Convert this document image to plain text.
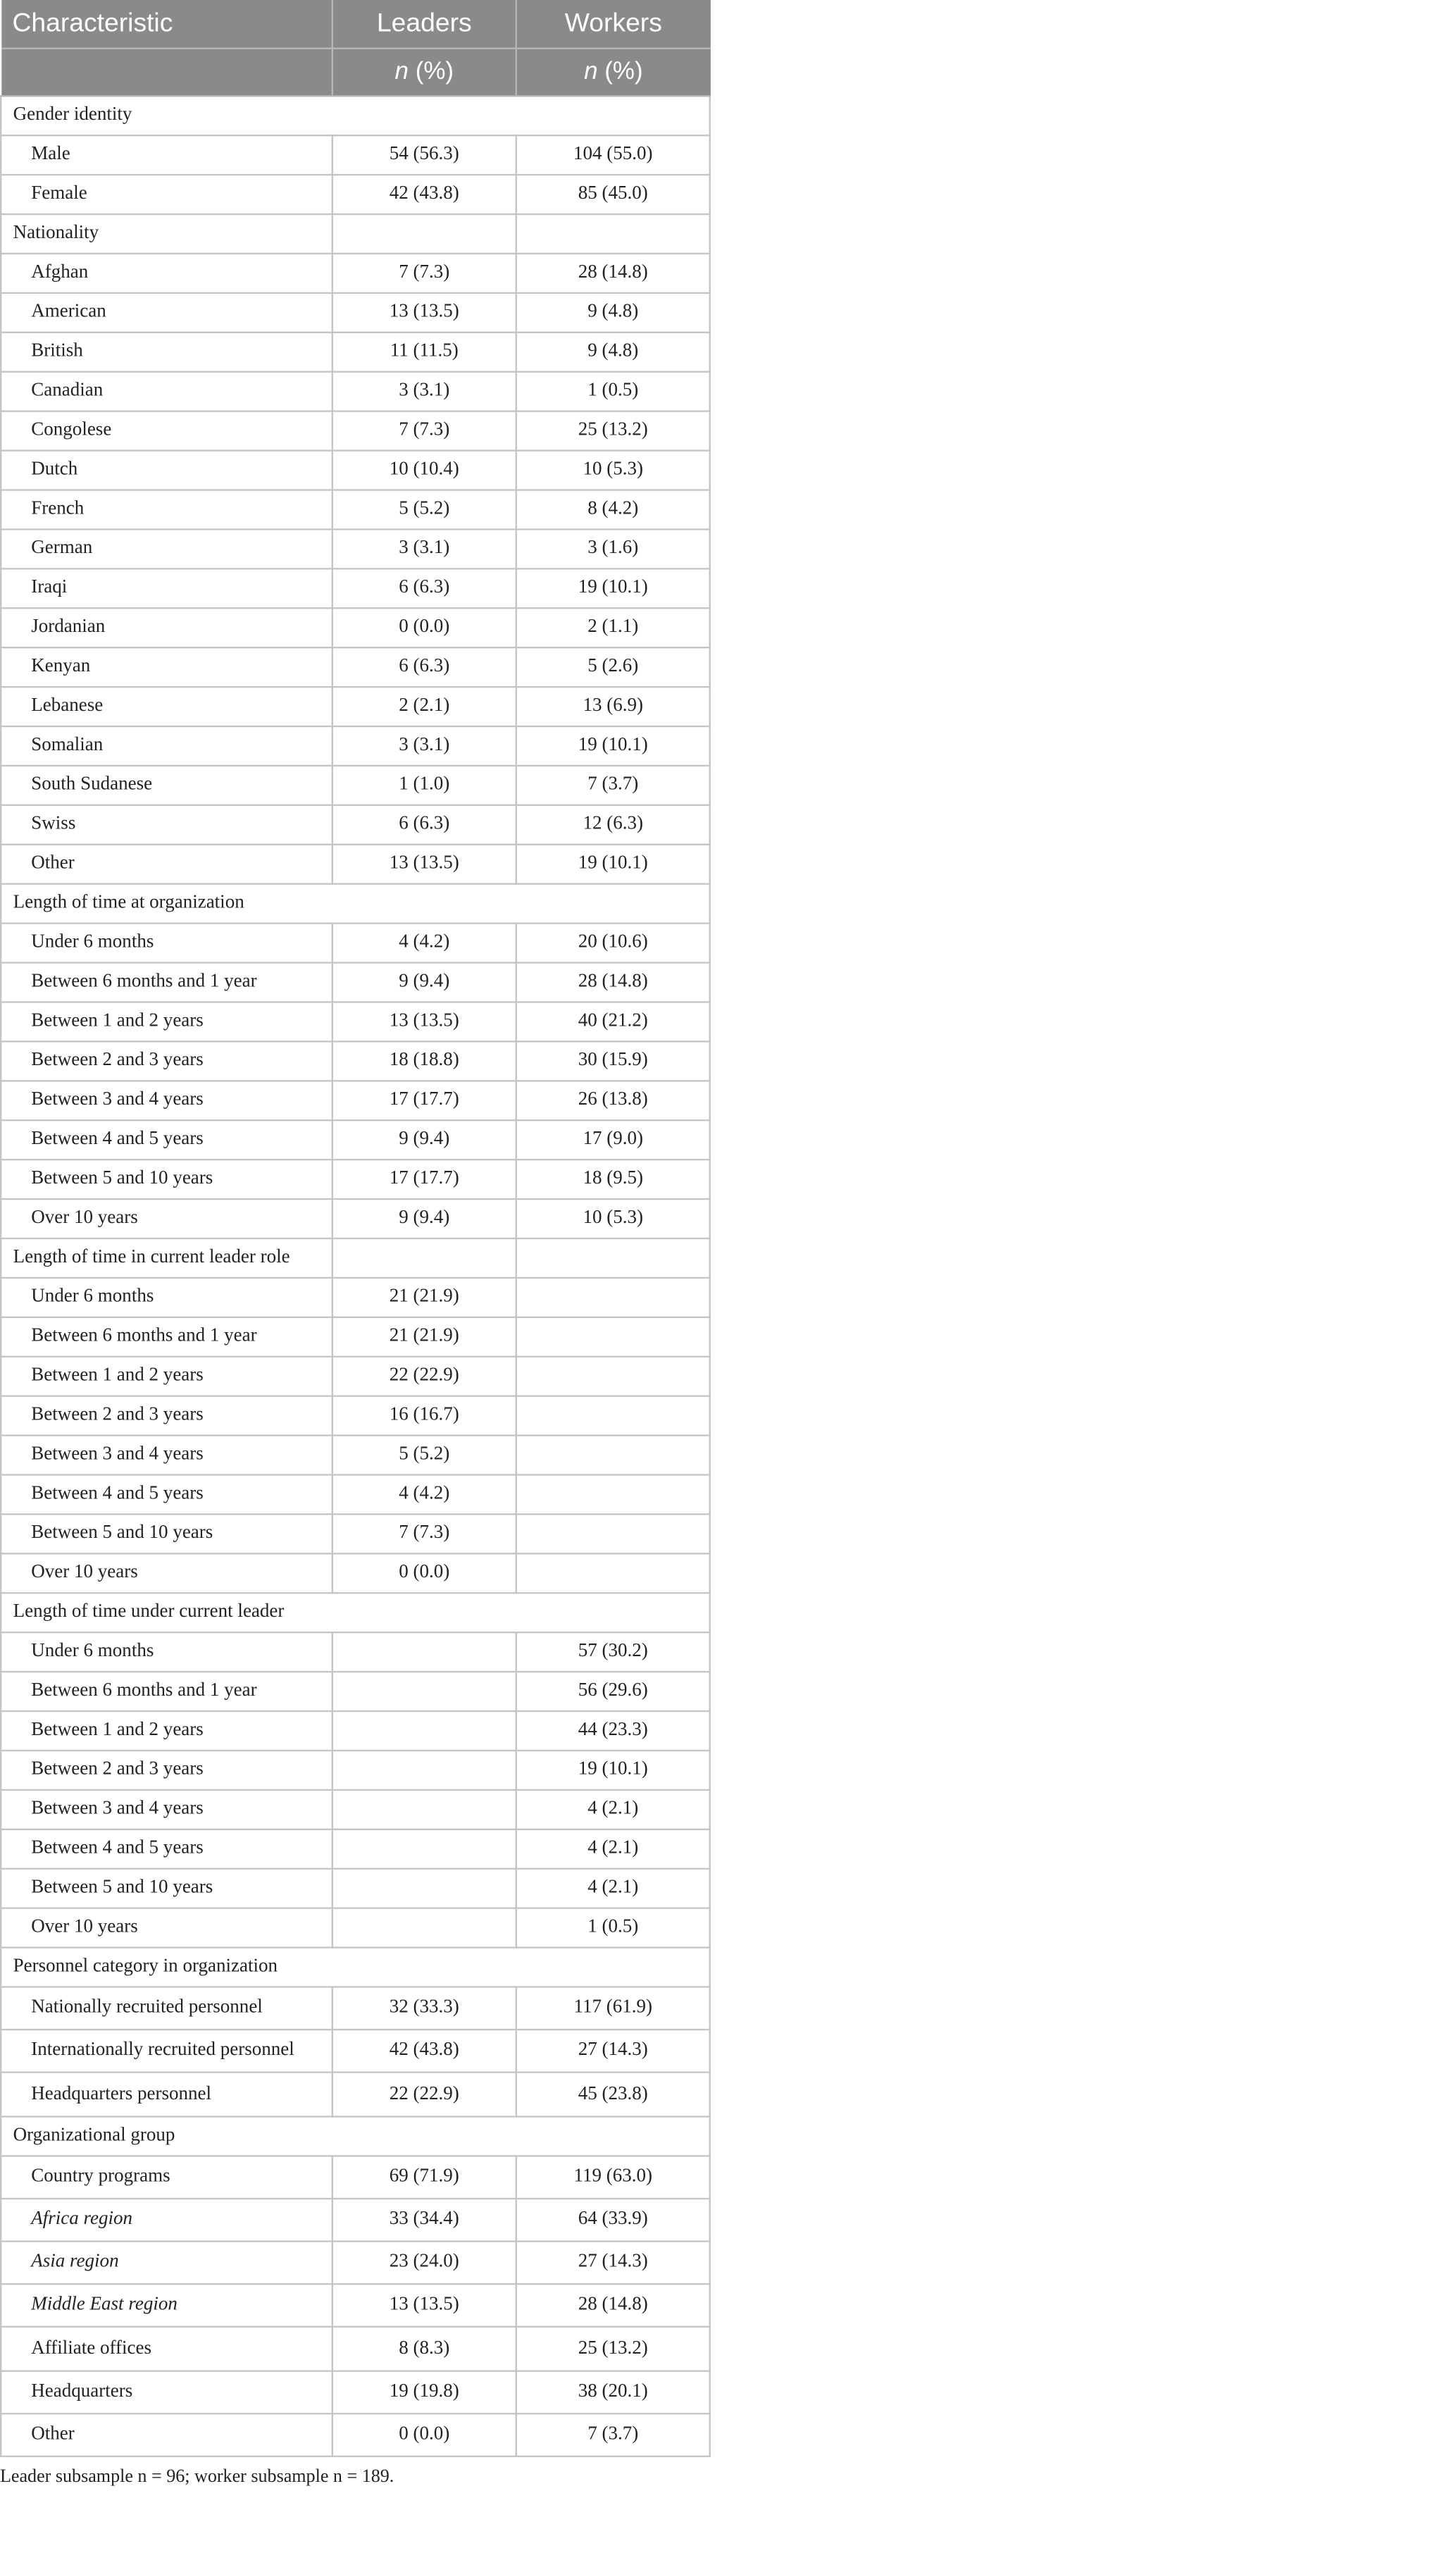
Characteristic	Leaders	Workers
	n (%)	n (%)
Gender identity		
Male	54 (56.3)	104 (55.0)
Female	42 (43.8)	85 (45.0)
Nationality		
Afghan	7 (7.3)	28 (14.8)
American	13 (13.5)	9 (4.8)
British	11 (11.5)	9 (4.8)
Canadian	3 (3.1)	1 (0.5)
Congolese	7 (7.3)	25 (13.2)
Dutch	10 (10.4)	10 (5.3)
French	5 (5.2)	8 (4.2)
German	3 (3.1)	3 (1.6)
Iraqi	6 (6.3)	19 (10.1)
Jordanian	0 (0.0)	2 (1.1)
Kenyan	6 (6.3)	5 (2.6)
Lebanese	2 (2.1)	13 (6.9)
Somalian	3 (3.1)	19 (10.1)
South Sudanese	1 (1.0)	7 (3.7)
Swiss	6 (6.3)	12 (6.3)
Other	13 (13.5)	19 (10.1)
Length of time at organization		
Under 6 months	4 (4.2)	20 (10.6)
Between 6 months and 1 year	9 (9.4)	28 (14.8)
Between 1 and 2 years	13 (13.5)	40 (21.2)
Between 2 and 3 years	18 (18.8)	30 (15.9)
Between 3 and 4 years	17 (17.7)	26 (13.8)
Between 4 and 5 years	9 (9.4)	17 (9.0)
Between 5 and 10 years	17 (17.7)	18 (9.5)
Over 10 years	9 (9.4)	10 (5.3)
Length of time in current leader role		
Under 6 months	21 (21.9)	
Between 6 months and 1 year	21 (21.9)	
Between 1 and 2 years	22 (22.9)	
Between 2 and 3 years	16 (16.7)	
Between 3 and 4 years	5 (5.2)	
Between 4 and 5 years	4 (4.2)	
Between 5 and 10 years	7 (7.3)	
Over 10 years	0 (0.0)	
Length of time under current leader		
Under 6 months		57 (30.2)
Between 6 months and 1 year		56 (29.6)
Between 1 and 2 years		44 (23.3)
Between 2 and 3 years		19 (10.1)
Between 3 and 4 years		4 (2.1)
Between 4 and 5 years		4 (2.1)
Between 5 and 10 years		4 (2.1)
Over 10 years		1 (0.5)
Personnel category in organization		
Nationally recruited personnel	32 (33.3)	117 (61.9)
Internationally recruited personnel	42 (43.8)	27 (14.3)
Headquarters personnel	22 (22.9)	45 (23.8)
Organizational group		
Country programs	69 (71.9)	119 (63.0)
Africa region	33 (34.4)	64 (33.9)
Asia region	23 (24.0)	27 (14.3)
Middle East region	13 (13.5)	28 (14.8)
Affiliate offices	8 (8.3)	25 (13.2)
Headquarters	19 (19.8)	38 (20.1)
Other	0 (0.0)	7 (3.7)
Leader subsample n = 96; worker subsample n = 189.
